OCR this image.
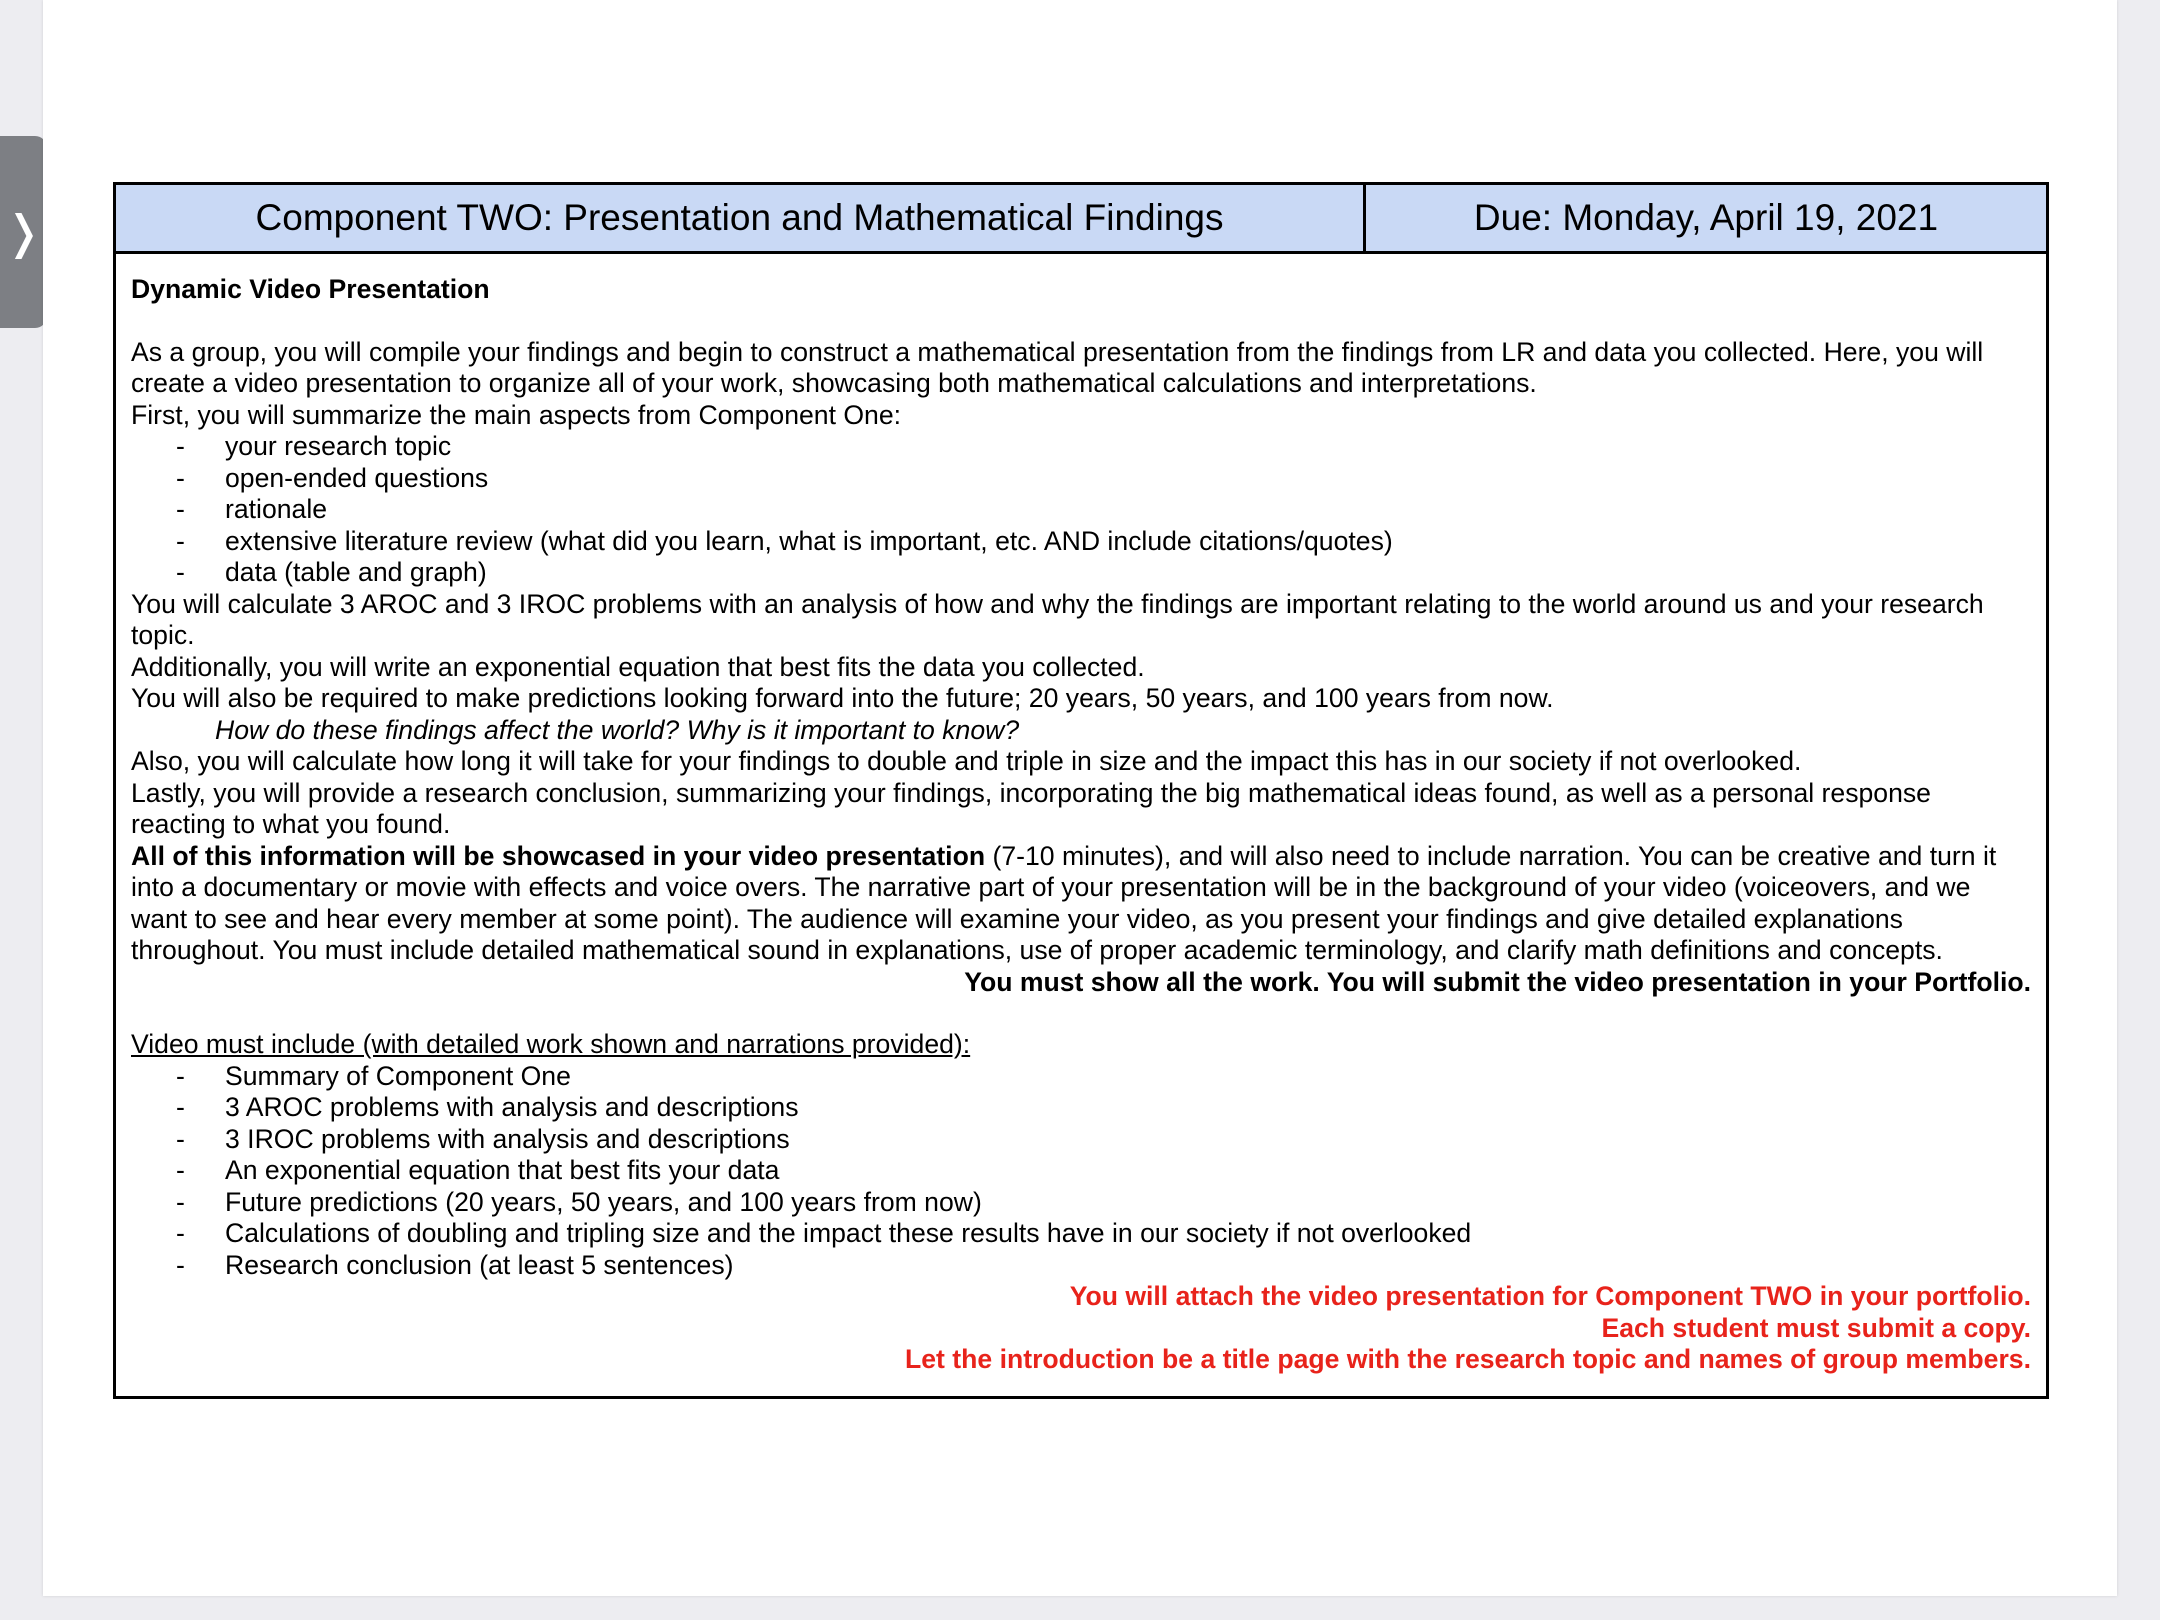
❭	Component TWO: Presentation and Mathematical Findings	Due: Monday, April 19, 2021

Dynamic Video Presentation
As a group, you will compile your findings and begin to construct a mathematical presentation from the findings from LR and data you collected. Here, you will create a video presentation to organize all of your work, showcasing both mathematical calculations and interpretations.
First, you will summarize the main aspects from Component One:
- your research topic
- open-ended questions
- rationale
- extensive literature review (what did you learn, what is important, etc. AND include citations/quotes)
- data (table and graph)
You will calculate 3 AROC and 3 IROC problems with an analysis of how and why the findings are important relating to the world around us and your research topic.
Additionally, you will write an exponential equation that best fits the data you collected.
You will also be required to make predictions looking forward into the future; 20 years, 50 years, and 100 years from now.
How do these findings affect the world? Why is it important to know?
Also, you will calculate how long it will take for your findings to double and triple in size and the impact this has in our society if not overlooked.
Lastly, you will provide a research conclusion, summarizing your findings, incorporating the big mathematical ideas found, as well as a personal response reacting to what you found.
All of this information will be showcased in your video presentation (7-10 minutes), and will also need to include narration. You can be creative and turn it into a documentary or movie with effects and voice overs. The narrative part of your presentation will be in the background of your video (voiceovers, and we want to see and hear every member at some point). The audience will examine your video, as you present your findings and give detailed explanations throughout. You must include detailed mathematical sound in explanations, use of proper academic terminology, and clarify math definitions and concepts.
You must show all the work. You will submit the video presentation in your Portfolio.
Video must include (with detailed work shown and narrations provided):
- Summary of Component One
- 3 AROC problems with analysis and descriptions
- 3 IROC problems with analysis and descriptions
- An exponential equation that best fits your data
- Future predictions (20 years, 50 years, and 100 years from now)
- Calculations of doubling and tripling size and the impact these results have in our society if not overlooked
- Research conclusion (at least 5 sentences)
You will attach the video presentation for Component TWO in your portfolio.
Each student must submit a copy.
Let the introduction be a title page with the research topic and names of group members.
